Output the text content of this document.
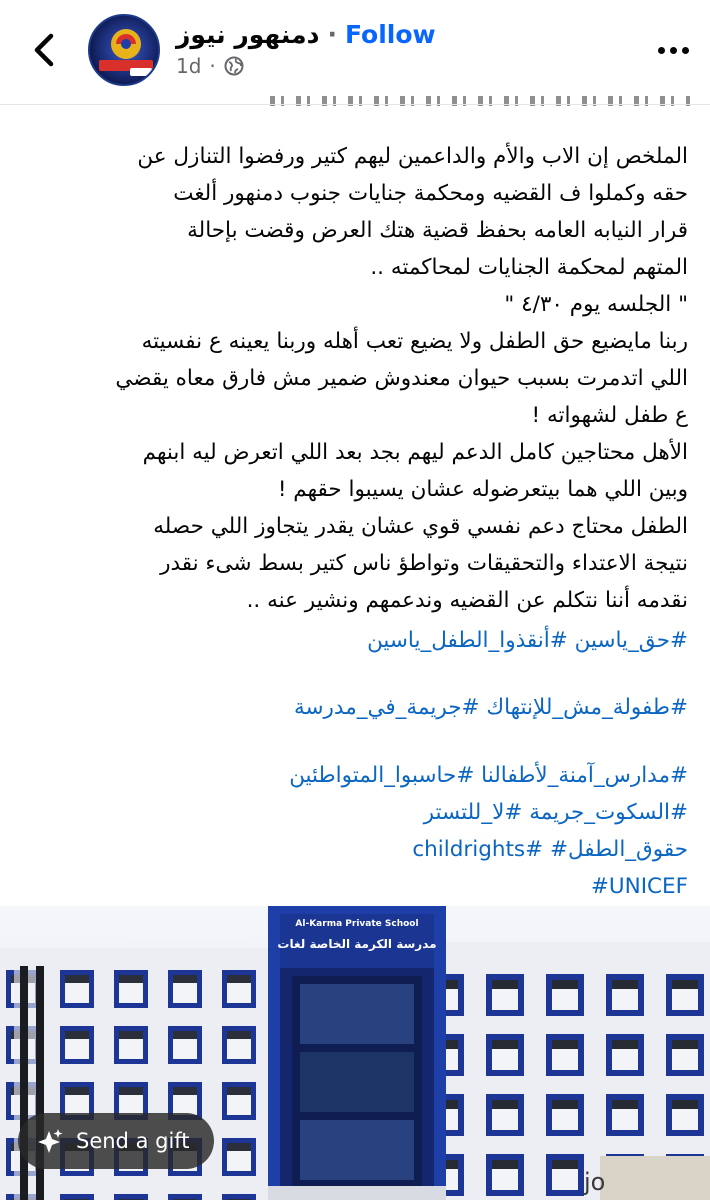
دمنهور نيوز · Follow
1d ·

الملخص إن الاب والأم والداعمين ليهم كتير ورفضوا التنازل عن

حقه وكملوا ف القضيه ومحكمة جنايات جنوب دمنهور ألغت

قرار النيابه العامه بحفظ قضية هتك العرض وقضت بإحالة

المتهم لمحكمة الجنايات لمحاكمته ..

" الجلسه يوم ٤/٣٠ "

ربنا مايضيع حق الطفل ولا يضيع تعب أهله وربنا يعينه ع نفسيته

اللي اتدمرت بسبب حيوان معندوش ضمير مش فارق معاه يقضي

ع طفل لشهواته !

الأهل محتاجين كامل الدعم ليهم بجد بعد اللي اتعرض ليه ابنهم

وبين اللي هما بيتعرضوله عشان يسيبوا حقهم !

الطفل محتاج دعم نفسي قوي عشان يقدر يتجاوز اللي حصله

نتيجة الاعتداء والتحقيقات وتواطؤ ناس كتير بسط شىء نقدر

نقدمه أننا نتكلم عن القضيه وندعمهم ونشير عنه ..

#حق_ياسين #أنقذوا_الطفل_ياسين
#طفولة_مش_للإنتهاك #جريمة_في_مدرسة
#مدارس_آمنة_لأطفالنا #حاسبوا_المتواطئين
#السكوت_جريمة #لا_للتستر
حقوق_الطفل# #childrights
#UNICEF
Al-Karma Private School
مدرسة الكرمة الخاصة لغات
jo
Send a gift
